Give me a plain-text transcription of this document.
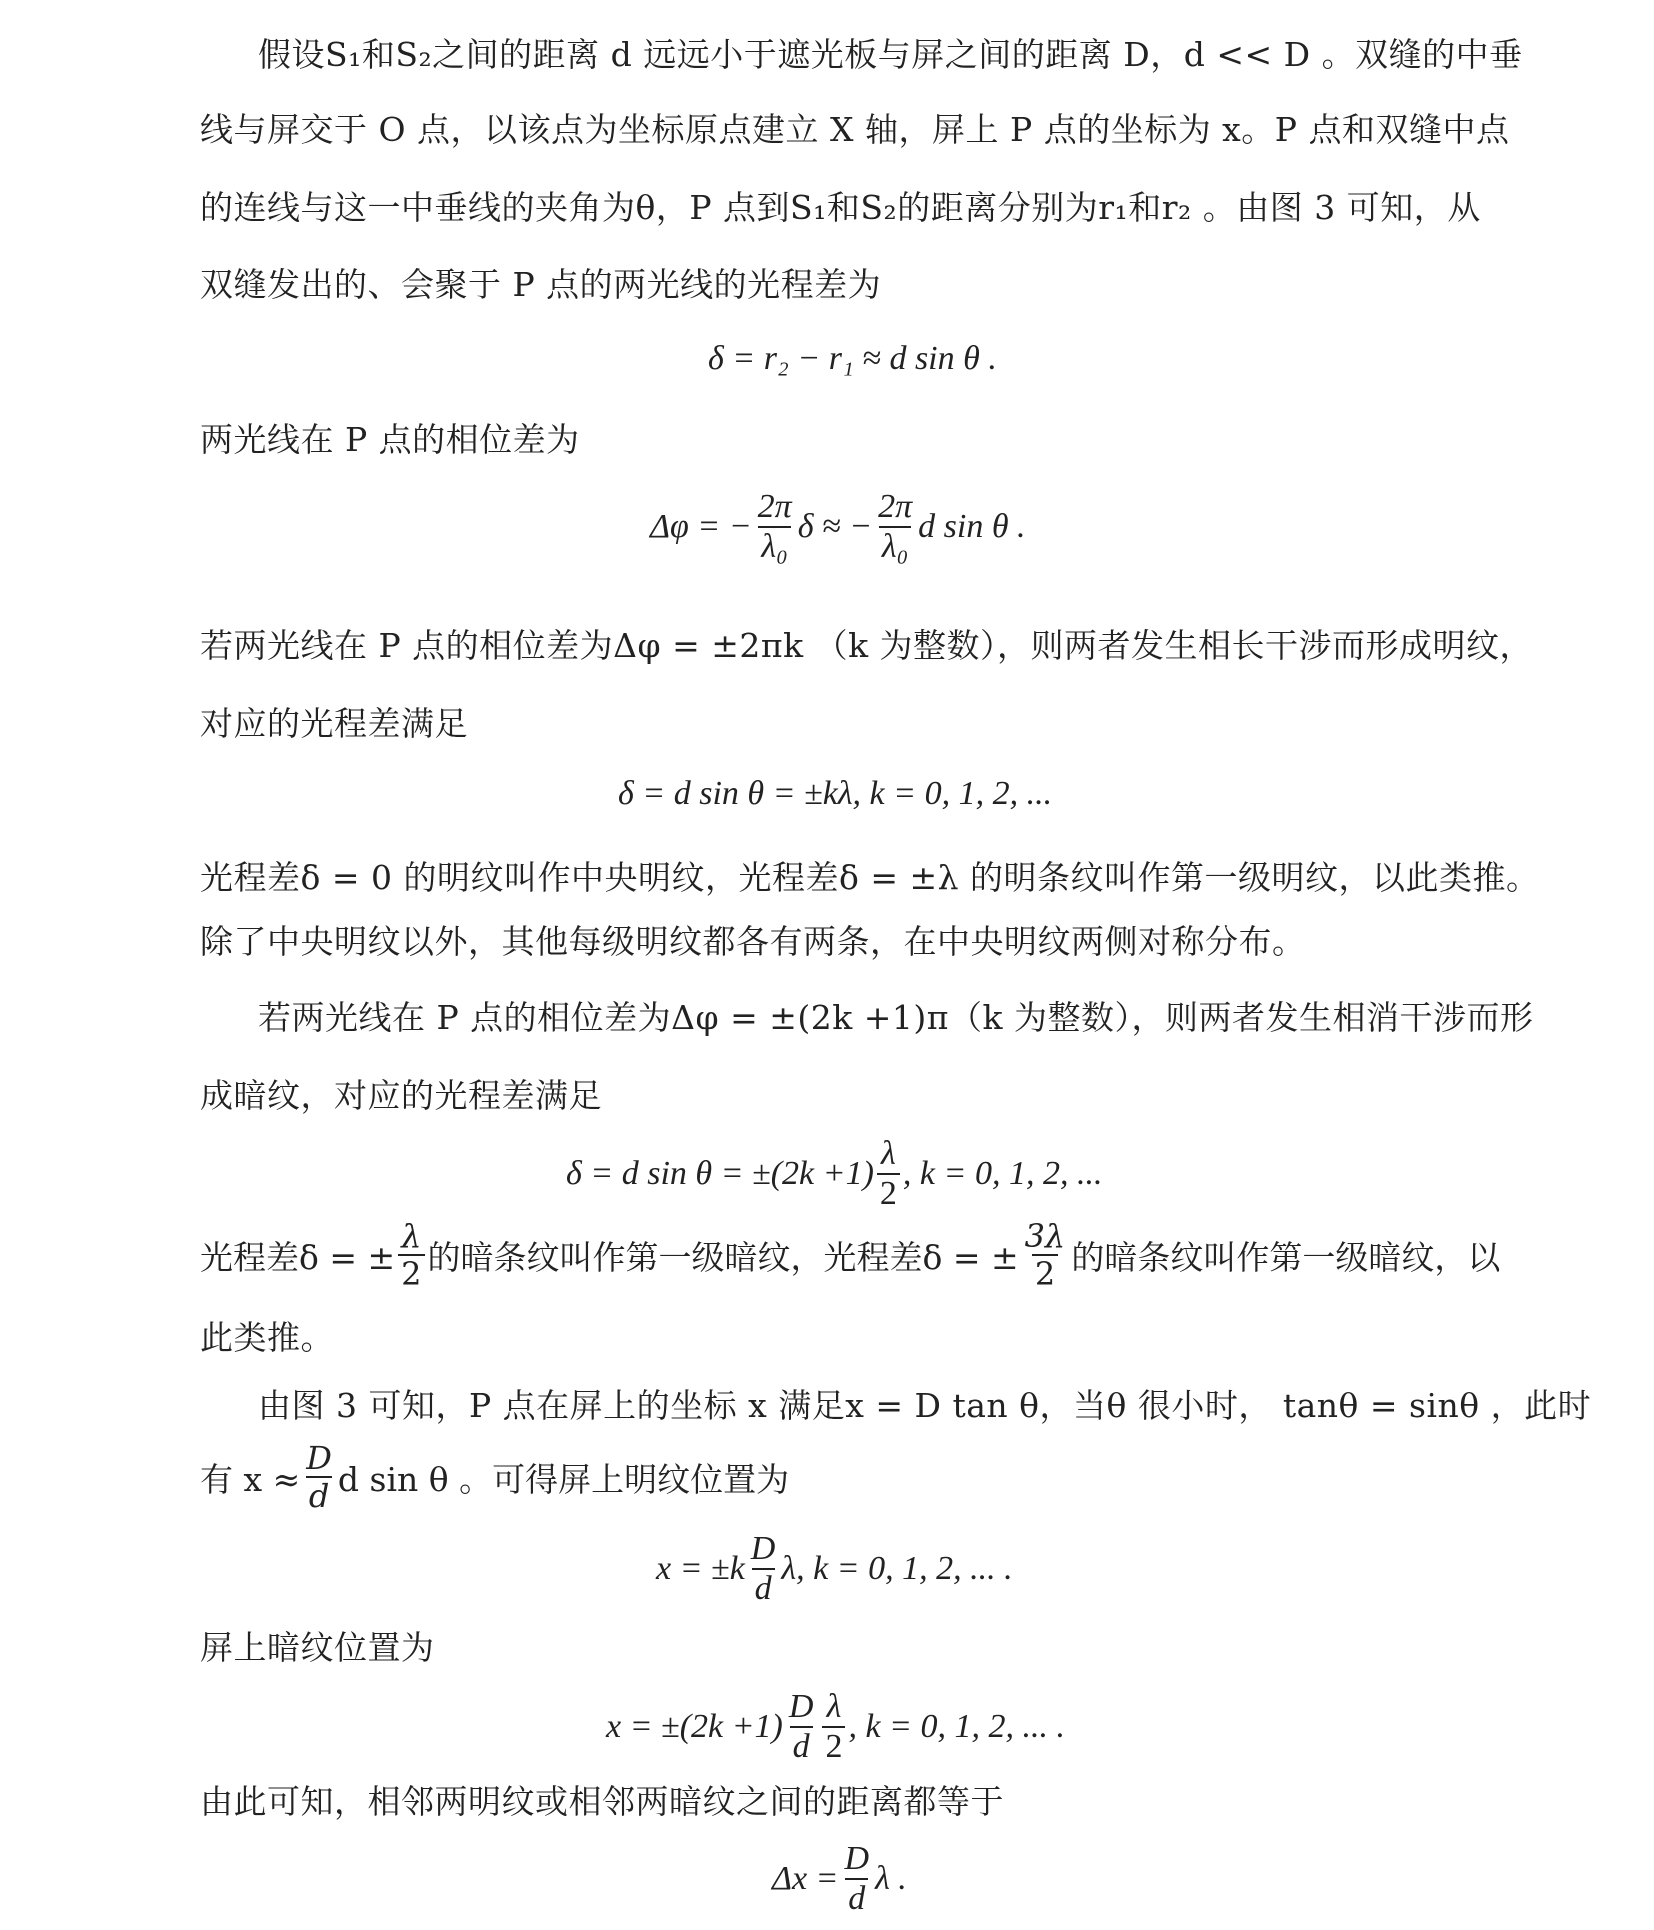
假设S₁和S₂之间的距离 d 远远小于遮光板与屏之间的距离 D，d << D 。双缝的中垂
线与屏交于 O 点，以该点为坐标原点建立 X 轴，屏上 P 点的坐标为 x。P 点和双缝中点
的连线与这一中垂线的夹角为θ，P 点到S₁和S₂的距离分别为r₁和r₂ 。由图 3 可知，从
双缝发出的、会聚于 P 点的两光线的光程差为
δ = r₂ − r₁ ≈ d sin θ .
两光线在 P 点的相位差为
Δφ = − $\frac{2\pi}{\text{λ₀}}$ δ ≈ − $\frac{2\pi}{\text{λ₀}}$ d sin θ .
若两光线在 P 点的相位差为Δφ = ±2πk （k 为整数），则两者发生相长干涉而形成明纹，
对应的光程差满足
δ = d sin θ = ±kλ, k = 0, 1, 2, ...
光程差δ = 0 的明纹叫作中央明纹，光程差δ = ±λ 的明条纹叫作第一级明纹，以此类推。
除了中央明纹以外，其他每级明纹都各有两条，在中央明纹两侧对称分布。
若两光线在 P 点的相位差为Δφ = ±(2k +1)π（k 为整数），则两者发生相消干涉而形
成暗纹，对应的光程差满足
δ = d $\sin \theta = \pm(2k +1) \frac{\lambda}{2}$ , k = 0, 1, 2, ...
光程差δ = ± $\frac{\lambda}{2}$ 的暗条纹叫作第一级暗纹，光程差δ = ± $\frac{3\lambda}{2}$ 的暗条纹叫作第一级暗纹，以
此类推。
由图 3 可知，P 点在屏上的坐标 x 满足x = D tan θ，当θ 很小时， tanθ = sinθ ，此时
有 $x \approx \frac{D}{d}$ d sin θ 。可得屏上明纹位置为
$x = \pm k \frac{D}{d} \lambda$, k = 0, 1, 2, ... .
屏上暗纹位置为
$x = \pm(2k +1) \frac{D}{d} \frac{\lambda}{2}$ , k = 0, 1, 2, ... .
由此可知，相邻两明纹或相邻两暗纹之间的距离都等于
$\Delta x = \frac{D}{d}$ λ .
